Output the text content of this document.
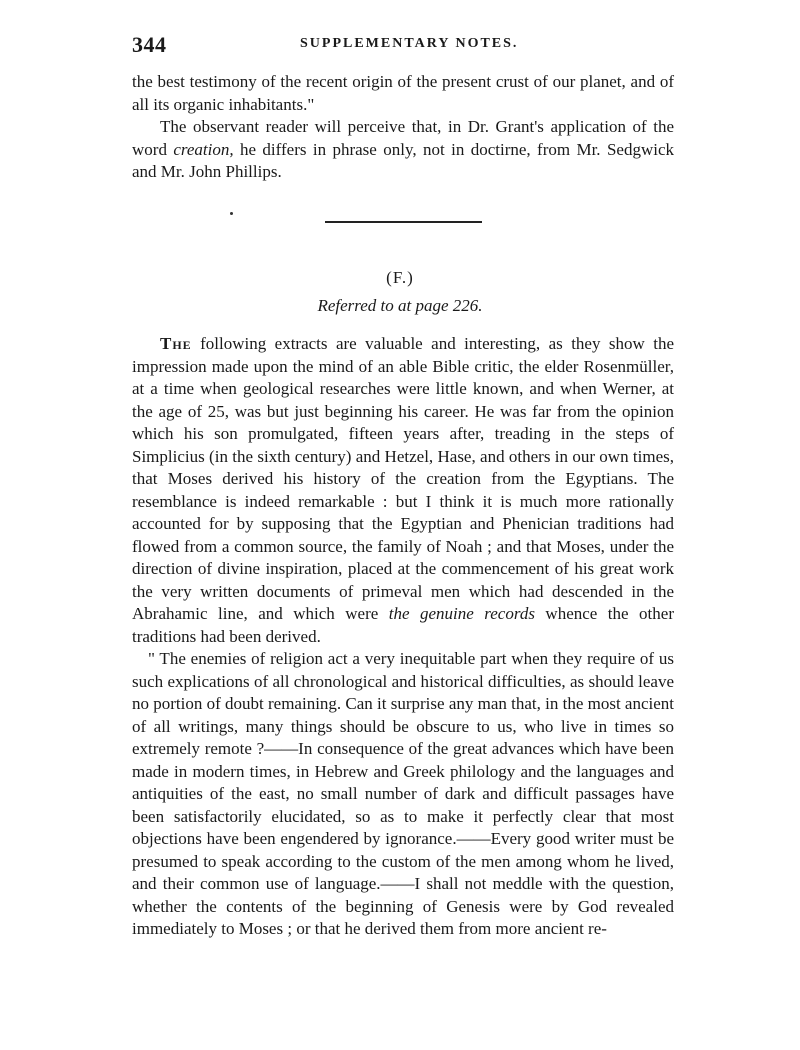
344	SUPPLEMENTARY NOTES.

the best testimony of the recent origin of the present crust of our planet, and of all its organic inhabitants."

The observant reader will perceive that, in Dr. Grant's application of the word creation, he differs in phrase only, not in doctirne, from Mr. Sedgwick and Mr. John Phillips.

(F.)
Referred to at page 226.

The following extracts are valuable and interesting, as they show the impression made upon the mind of an able Bible critic, the elder Rosenmüller, at a time when geological researches were little known, and when Werner, at the age of 25, was but just beginning his career. He was far from the opinion which his son promulgated, fifteen years after, treading in the steps of Simplicius (in the sixth century) and Hetzel, Hase, and others in our own times, that Moses derived his history of the creation from the Egyptians. The resemblance is indeed remarkable : but I think it is much more rationally accounted for by supposing that the Egyptian and Phenician traditions had flowed from a common source, the family of Noah ; and that Moses, under the direction of divine inspiration, placed at the commencement of his great work the very written documents of primeval men which had descended in the Abrahamic line, and which were the genuine records whence the other traditions had been derived.

" The enemies of religion act a very inequitable part when they require of us such explications of all chronological and historical difficulties, as should leave no portion of doubt remaining. Can it surprise any man that, in the most ancient of all writings, many things should be obscure to us, who live in times so extremely remote ?——In consequence of the great advances which have been made in modern times, in Hebrew and Greek philology and the languages and antiquities of the east, no small number of dark and difficult passages have been satisfactorily elucidated, so as to make it perfectly clear that most objections have been engendered by ignorance.——Every good writer must be presumed to speak according to the custom of the men among whom he lived, and their common use of language.——I shall not meddle with the question, whether the contents of the beginning of Genesis were by God revealed immediately to Moses ; or that he derived them from more ancient re-
